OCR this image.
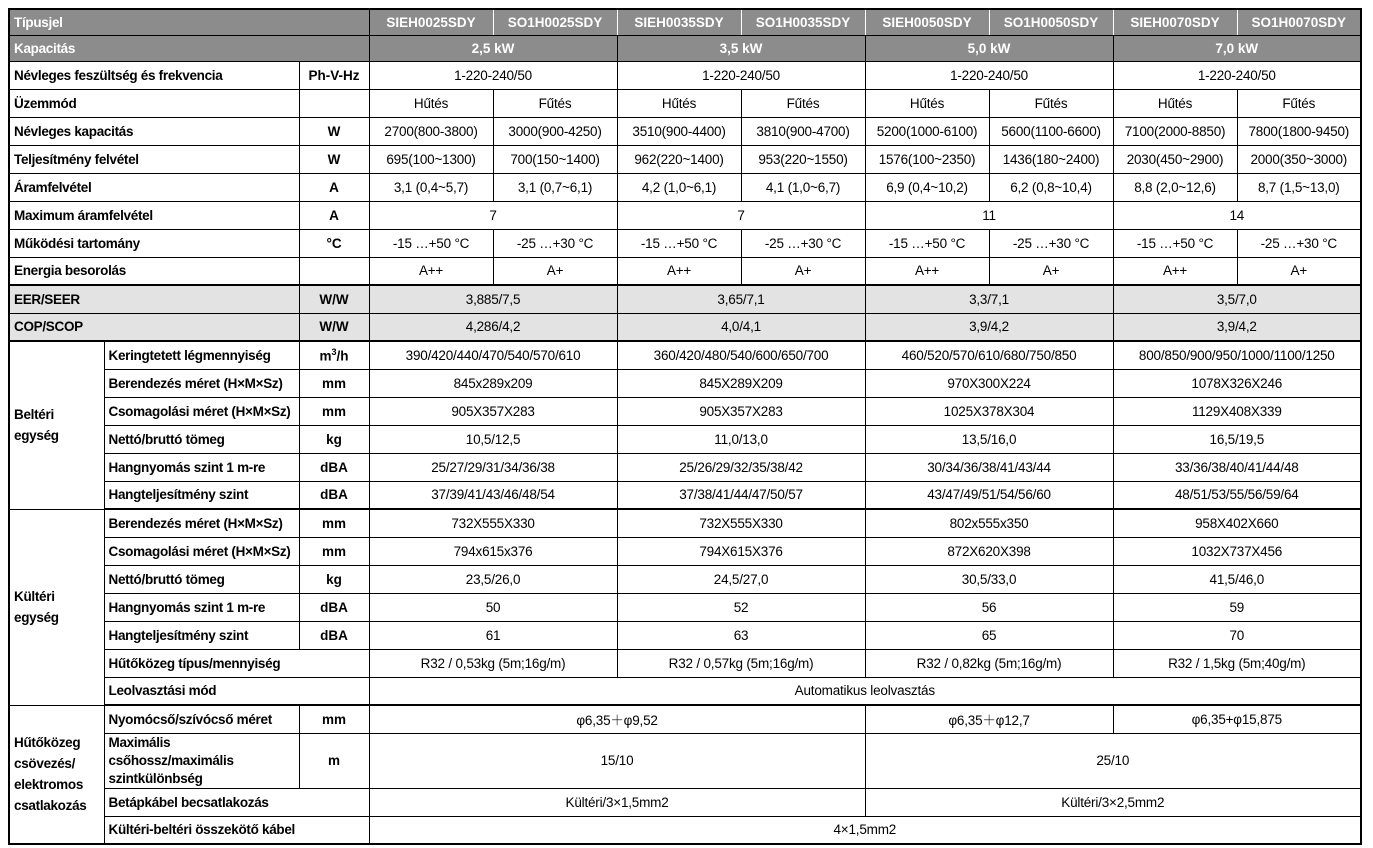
Típusjel			SIEH0025SDY	SO1H0025SDY	SIEH0035SDY	SO1H0035SDY	SIEH0050SDY	SO1H0050SDY	SIEH0070SDY	SO1H0070SDY
Kapacitás			2,5 kW		3,5 kW		5,0 kW		7,0 kW	
Névleges feszültség és frekvencia		Ph-V-Hz	1-220-240/50		1-220-240/50		1-220-240/50		1-220-240/50	
Üzemmód			Hűtés	Fűtés	Hűtés	Fűtés	Hűtés	Fűtés	Hűtés	Fűtés
Névleges kapacitás		W	2700(800-3800)	3000(900-4250)	3510(900-4400)	3810(900-4700)	5200(1000-6100)	5600(1100-6600)	7100(2000-8850)	7800(1800-9450)
Teljesítmény felvétel		W	695(100~1300)	700(150~1400)	962(220~1400)	953(220~1550)	1576(100~2350)	1436(180~2400)	2030(450~2900)	2000(350~3000)
Áramfelvétel		A	3,1 (0,4~5,7)	3,1 (0,7~6,1)	4,2 (1,0~6,1)	4,1 (1,0~6,7)	6,9 (0,4~10,2)	6,2 (0,8~10,4)	8,8 (2,0~12,6)	8,7 (1,5~13,0)
Maximum áramfelvétel		A	7		7		11		14	
Működési tartomány		°C	-15 …+50 °C	-25 …+30 °C	-15 …+50 °C	-25 …+30 °C	-15 …+50 °C	-25 …+30 °C	-15 …+50 °C	-25 …+30 °C
Energia besorolás			A++	A+	A++	A+	A++	A+	A++	A+
EER/SEER		W/W	3,885/7,5		3,65/7,1		3,3/7,1		3,5/7,0	
COP/SCOP		W/W	4,286/4,2		4,0/4,1		3,9/4,2		3,9/4,2	
Beltéri egység	Keringtetett légmennyiség	$m^3/h$	390/420/440/470/540/570/610		360/420/480/540/600/650/700		460/520/570/610/680/750/850		800/850/900/950/1000/1100/1250	
	Berendezés méret (H×M×Sz)	mm	845x289x209		845X289X209		970X300X224		1078X326X246	
	Csomagolási méret (H×M×Sz)	mm	905X357X283		905X357X283		1025X378X304		1129X408X339	
	Nettó/bruttó tömeg	kg	10,5/12,5		11,0/13,0		13,5/16,0		16,5/19,5	
	Hangnyomás szint 1 m-re	dBA	25/27/29/31/34/36/38		25/26/29/32/35/38/42		30/34/36/38/41/43/44		33/36/38/40/41/44/48	
	Hangteljesítmény szint	dBA	37/39/41/43/46/48/54		37/38/41/44/47/50/57		43/47/49/51/54/56/60		48/51/53/55/56/59/64	
Kültéri egység	Berendezés méret (H×M×Sz)	mm	732X555X330		732X555X330		802x555x350		958X402X660	
	Csomagolási méret (H×M×Sz)	mm	794x615x376		794X615X376		872X620X398		1032X737X456	
	Nettó/bruttó tömeg	kg	23,5/26,0		24,5/27,0		30,5/33,0		41,5/46,0	
	Hangnyomás szint 1 m-re	dBA	50		52		56		59	
	Hangteljesítmény szint	dBA	61		63		65		70	
	Hűtőközeg típus/mennyiség		R32 / 0,53kg (5m;16g/m)		R32 / 0,57kg (5m;16g/m)		R32 / 0,82kg (5m;16g/m)		R32 / 1,5kg (5m;40g/m)	
	Leolvasztási mód		Automatikus leolvasztás							
Hűtőközeg csövezés/ elektromos csatlakozás	Nyomócső/szívócső méret	mm	φ6,35＋φ9,52				φ6,35＋φ12,7		φ6,35+φ15,875	
	Maximális csőhossz/maximális szintkülönbség	m	15/10				25/10			
	Betápkábel becsatlakozás		Kültéri/3×1,5mm2				Kültéri/3×2,5mm2			
	Kültéri-beltéri összekötő kábel		4×1,5mm2							
